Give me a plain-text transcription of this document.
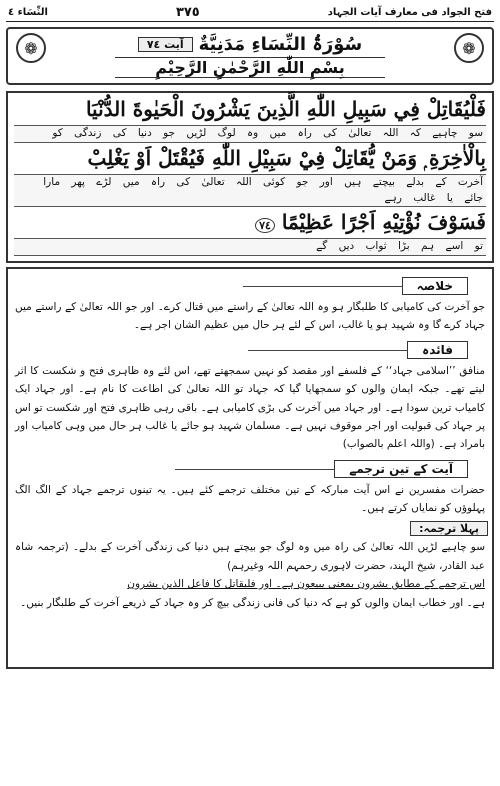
فتح الجواد فی معارف آیات الجہاد
٣٧٥
النِّسَاء ٤
❁
❁	سُوْرَۃُ النِّسَاءِ مَدَنِيَّةٌ
آیت ٧٤
بِسْمِ اللّٰهِ الرَّحْمٰنِ الرَّحِيْمِ
فَلْيُقَاتِلْ فِي سَبِيلِ اللّٰهِ الَّذِينَ يَشْرُونَ الْحَيٰوةَ الدُّنْيَا
سو چاہیے کہ اللہ تعالیٰ کی راہ میں وہ لوگ لڑیں جو دنیا کی زندگی کو
بِالْاٰخِرَةِ ۭ وَمَنْ يُّقَاتِلْ فِيْ سَبِيْلِ اللّٰهِ فَيُقْتَلْ اَوْ يَغْلِبْ
آخرت کے بدلے بیچتے ہیں اور جو کوئی اللہ تعالیٰ کی راہ میں لڑے پھر مارا جائے یا غالب رہے
فَسَوْفَ نُؤْتِيْهِ اَجْرًا عَظِيْمًا ٧٤
تو اسے ہم بڑا ثواب دیں گے
خلاصہ

جو آخرت کی کامیابی کا طلبگار ہو وہ اللہ تعالیٰ کے راستے میں قتال کرے۔ اور جو اللہ تعالیٰ کے راستے میں جہاد کرے گا وہ شہید ہو یا غالب، اس کے لئے ہر حال میں عظیم الشان اجر ہے۔

فائدہ

منافق ’’اسلامی جہاد‘‘ کے فلسفے اور مقصد کو نہیں سمجھتے تھے، اس لئے وہ ظاہری فتح و شکست کا اثر لیتے تھے۔ جبکہ ایمان والوں کو سمجھایا گیا کہ جہاد تو اللہ تعالیٰ کی اطاعت کا نام ہے۔ اور جہاد ایک کامیاب ترین سودا ہے۔ اور جہاد میں آخرت کی بڑی کامیابی ہے۔ باقی رہی ظاہری فتح اور شکست تو اس پر جہاد کی قبولیت اور اجر موقوف نہیں ہے۔ مسلمان شہید ہو جائے یا غالب ہر حال میں وہی کامیاب اور بامراد ہے۔ (واللہ اعلم بالصواب)

آیت کے تین ترجمے

حضرات مفسرین نے اس آیت مبارکہ کے تین مختلف ترجمے کئے ہیں۔ یہ تینوں ترجمے جہاد کے الگ الگ پہلوؤں کو نمایاں کرتے ہیں۔

پہلا ترجمہ:

سو چاہیے لڑیں اللہ تعالیٰ کی راہ میں وہ لوگ جو بیچتے ہیں دنیا کی زندگی آخرت کے بدلے۔ (ترجمہ شاہ عبد القادر، شیخ الہند، حضرت لاہوری رحمہم اللہ وغیرہم)

اس ترجمے کے مطابق یشرون بمعنی یبیعون ہے۔ اور فلیقاتل کا فاعل الذین یشرون

ہے۔ اور خطاب ایمان والوں کو ہے کہ دنیا کی فانی زندگی بیچ کر وہ جہاد کے ذریعے آخرت کے طلبگار بنیں۔
